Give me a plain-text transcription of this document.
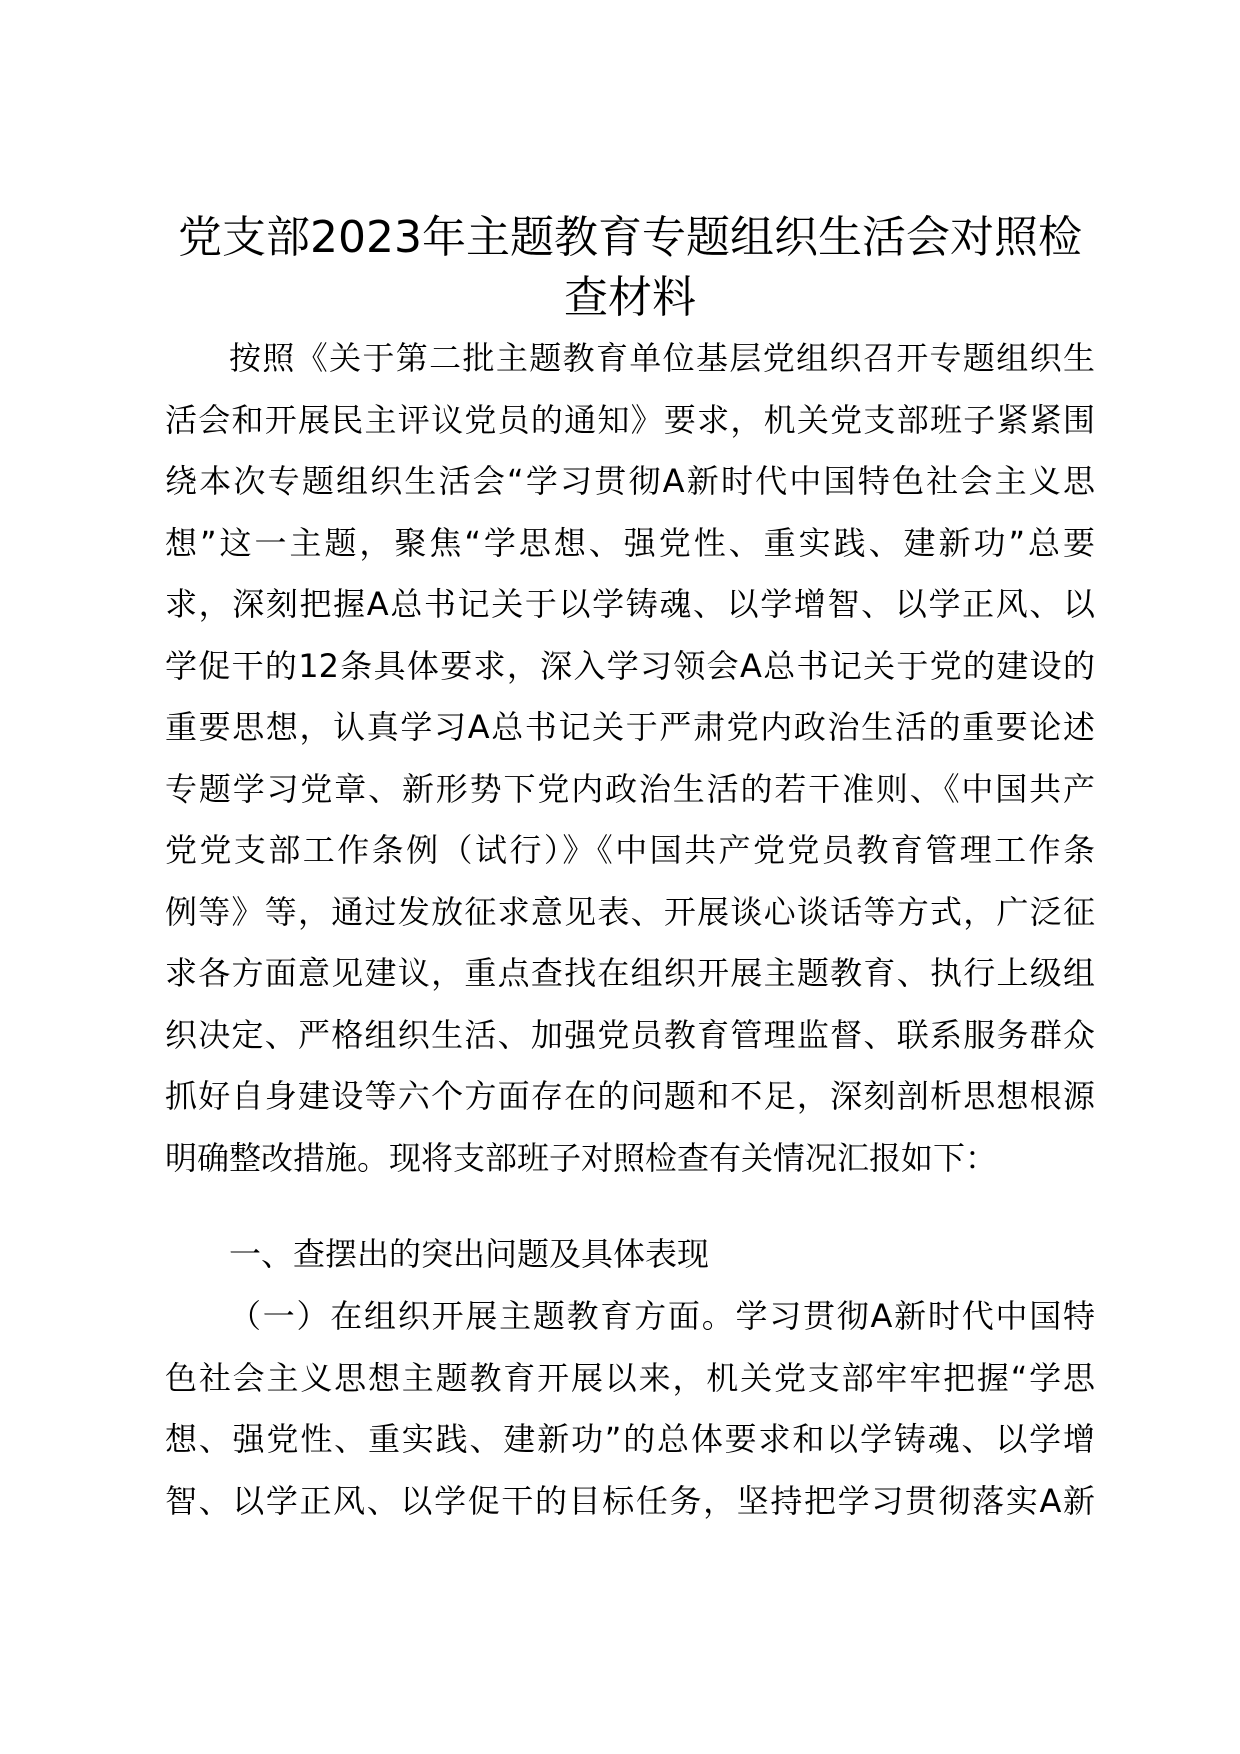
党支部2023年主题教育专题组织生活会对照检
查材料
按照《关于第二批主题教育单位基层党组织召开专题组织生
活会和开展民主评议党员的通知》要求，机关党支部班子紧紧围
绕本次专题组织生活会“学习贯彻A新时代中国特色社会主义思
想”这一主题，聚焦“学思想、强党性、重实践、建新功”总要
求，深刻把握A总书记关于以学铸魂、以学增智、以学正风、以
学促干的12条具体要求，深入学习领会A总书记关于党的建设的
重要思想，认真学习A总书记关于严肃党内政治生活的重要论述
专题学习党章、新形势下党内政治生活的若干准则、《中国共产
党党支部工作条例（试行）》《中国共产党党员教育管理工作条
例等》等，通过发放征求意见表、开展谈心谈话等方式，广泛征
求各方面意见建议，重点查找在组织开展主题教育、执行上级组
织决定、严格组织生活、加强党员教育管理监督、联系服务群众
抓好自身建设等六个方面存在的问题和不足，深刻剖析思想根源
明确整改措施。现将支部班子对照检查有关情况汇报如下：
一、查摆出的突出问题及具体表现
（一）在组织开展主题教育方面。学习贯彻A新时代中国特
色社会主义思想主题教育开展以来，机关党支部牢牢把握“学思
想、强党性、重实践、建新功”的总体要求和以学铸魂、以学增
智、以学正风、以学促干的目标任务，坚持把学习贯彻落实A新
